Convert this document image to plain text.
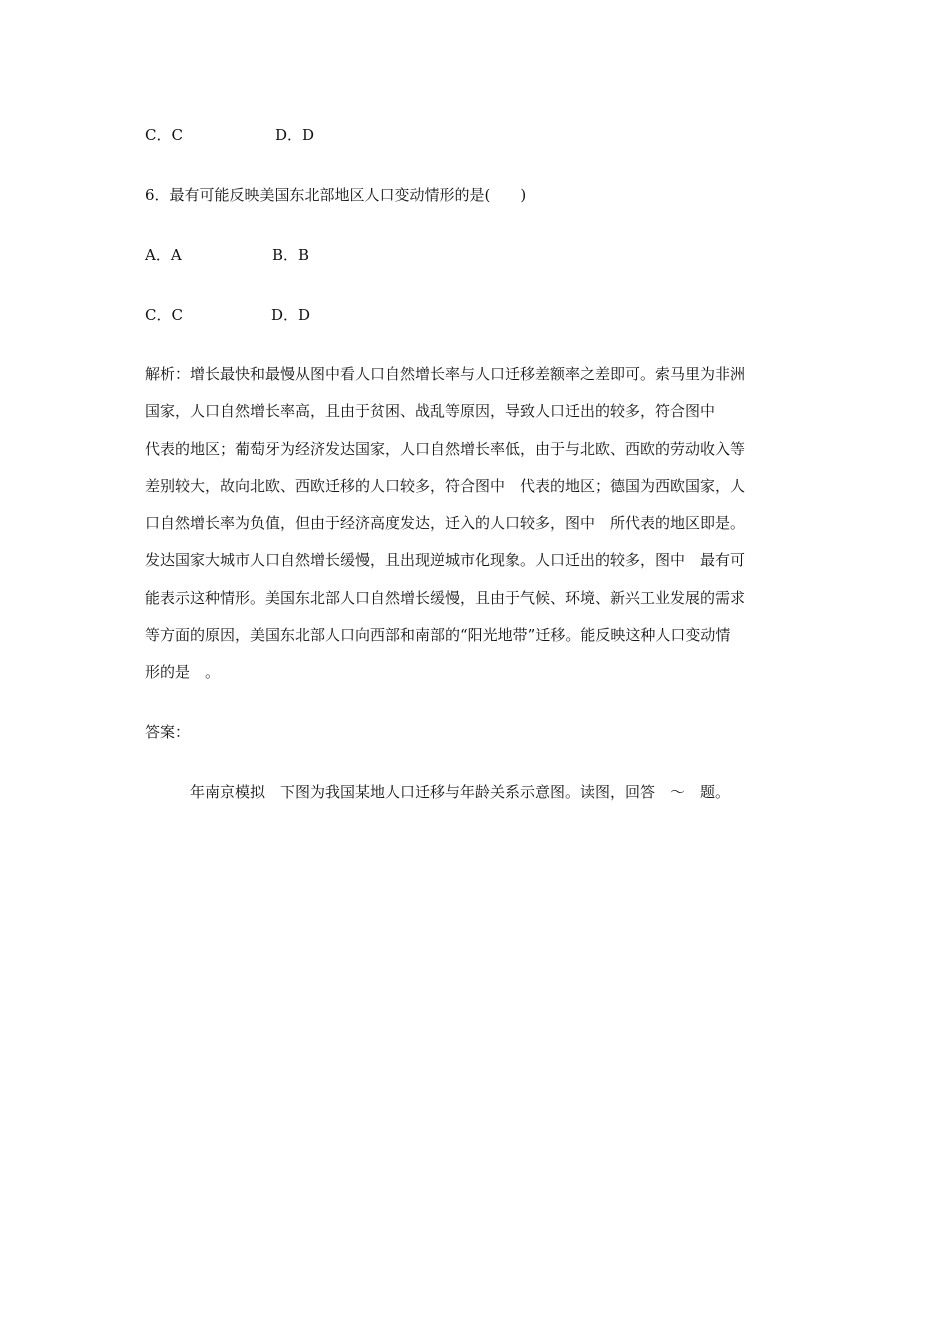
C．C	D．D
6．最有可能反映美国东北部地区人口变动情形的是(　　)
A．A	B．B
C．C	D．D
解析：增长最快和最慢从图中看人口自然增长率与人口迁移差额率之差即可。索马里为非洲
国家，人口自然增长率高，且由于贫困、战乱等原因，导致人口迁出的较多，符合图中
代表的地区；葡萄牙为经济发达国家，人口自然增长率低，由于与北欧、西欧的劳动收入等
差别较大，故向北欧、西欧迁移的人口较多，符合图中　代表的地区；德国为西欧国家，人
口自然增长率为负值，但由于经济高度发达，迁入的人口较多，图中　所代表的地区即是。
发达国家大城市人口自然增长缓慢，且出现逆城市化现象。人口迁出的较多，图中　最有可
能表示这种情形。美国东北部人口自然增长缓慢，且由于气候、环境、新兴工业发展的需求
等方面的原因，美国东北部人口向西部和南部的“阳光地带”迁移。能反映这种人口变动情
形的是　。
答案：
年南京模拟　下图为我国某地人口迁移与年龄关系示意图。读图，回答　～　题。
